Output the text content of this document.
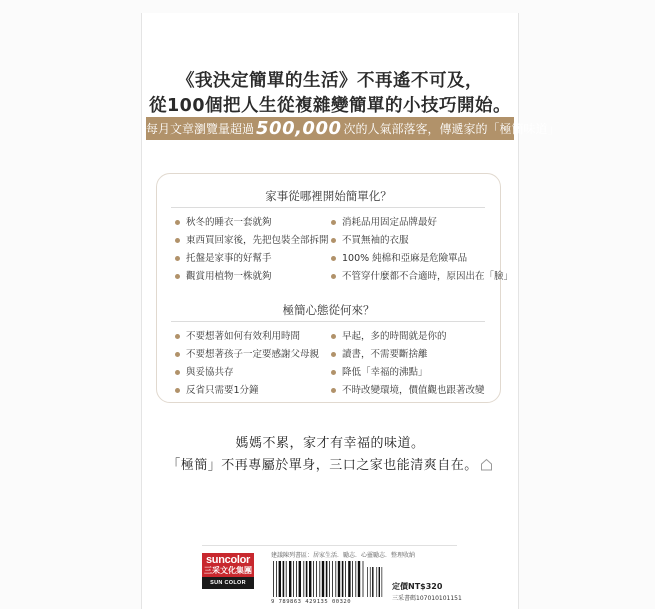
《我決定簡單的生活》不再遙不可及，
從100個把人生從複雜變簡單的小技巧開始。
每月文章瀏覽量超過 500,000 次的人氣部落客，傳遞家的「極簡味道」
家事從哪裡開始簡單化？
秋冬的睡衣一套就夠
東西買回家後，先把包裝全部拆開
托盤是家事的好幫手
觀賞用植物一株就夠
消耗品用固定品牌最好
不買無袖的衣服
100% 純棉和亞麻是危險單品
不管穿什麼都不合適時，原因出在「臉」
極簡心態從何來？
不要想著如何有效利用時間
不要想著孩子一定要感謝父母親
與妥協共存
反省只需要1分鐘
早起，多的時間就是你的
讀書，不需要斷捨離
降低「幸福的沸點」
不時改變環境，價值觀也跟著改變
媽媽不累，家才有幸福的味道。
「極簡」不再專屬於單身，三口之家也能清爽自在。
suncolor
三采文化集團
SUN COLOR GROUP
建議陳列書區：居家生活．勵志．心靈勵志．整理收納
9 789863 429135 00320
定價NT$320
三采書碼107010101151
